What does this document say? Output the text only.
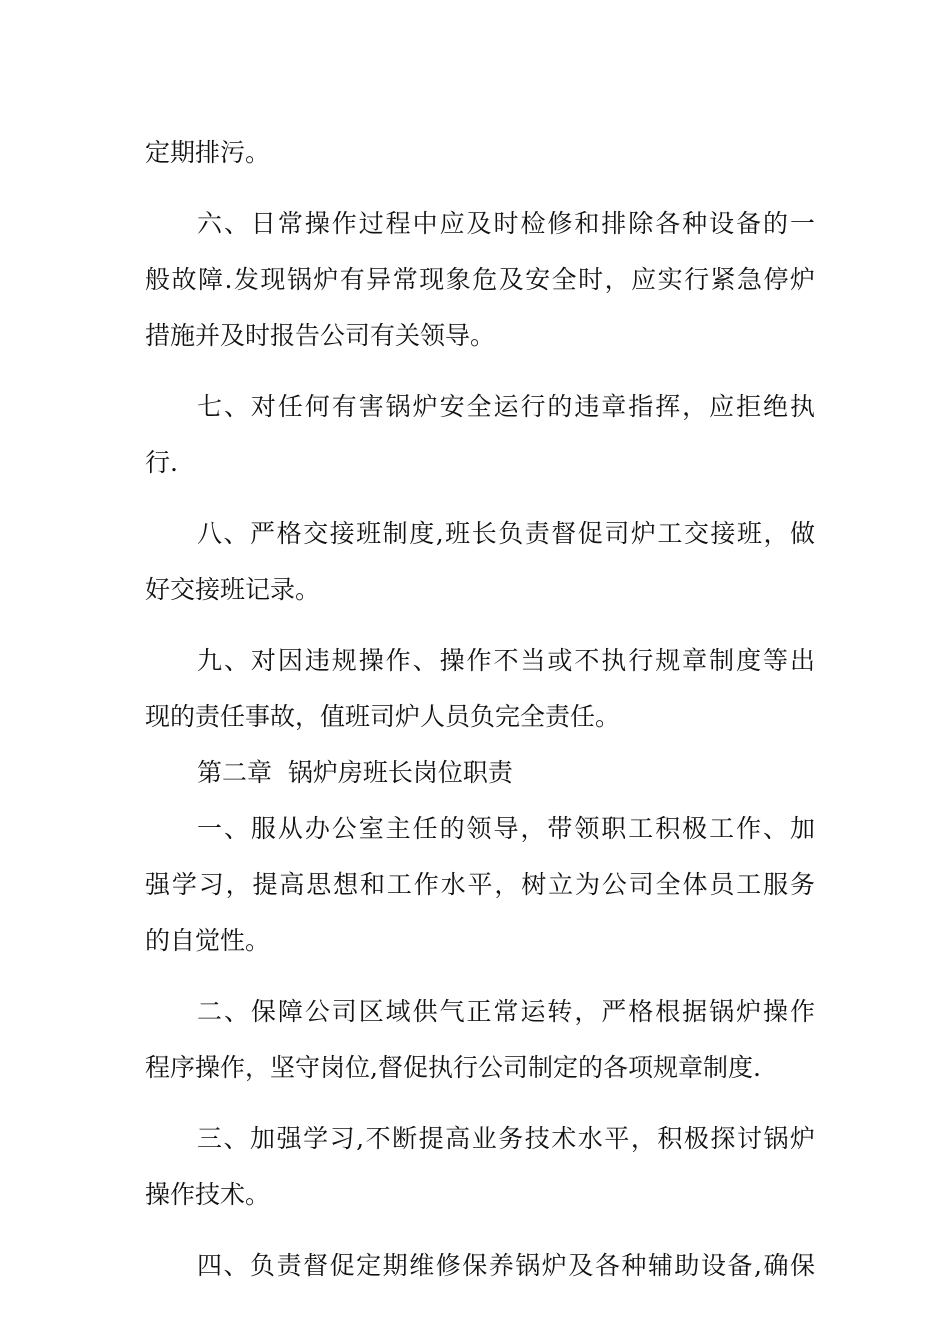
定期排污。
六、日常操作过程中应及时检修和排除各种设备的一
般故障.发现锅炉有异常现象危及安全时，应实行紧急停炉
措施并及时报告公司有关领导。
七、对任何有害锅炉安全运行的违章指挥，应拒绝执
行.
八、严格交接班制度,班长负责督促司炉工交接班，做
好交接班记录。
九、对因违规操作、操作不当或不执行规章制度等出
现的责任事故，值班司炉人员负完全责任。
第二章  锅炉房班长岗位职责
一、服从办公室主任的领导，带领职工积极工作、加
强学习，提高思想和工作水平，树立为公司全体员工服务
的自觉性。
二、保障公司区域供气正常运转，严格根据锅炉操作
程序操作，坚守岗位,督促执行公司制定的各项规章制度.
三、加强学习,不断提高业务技术水平，积极探讨锅炉
操作技术。
四、负责督促定期维修保养锅炉及各种辅助设备,确保
